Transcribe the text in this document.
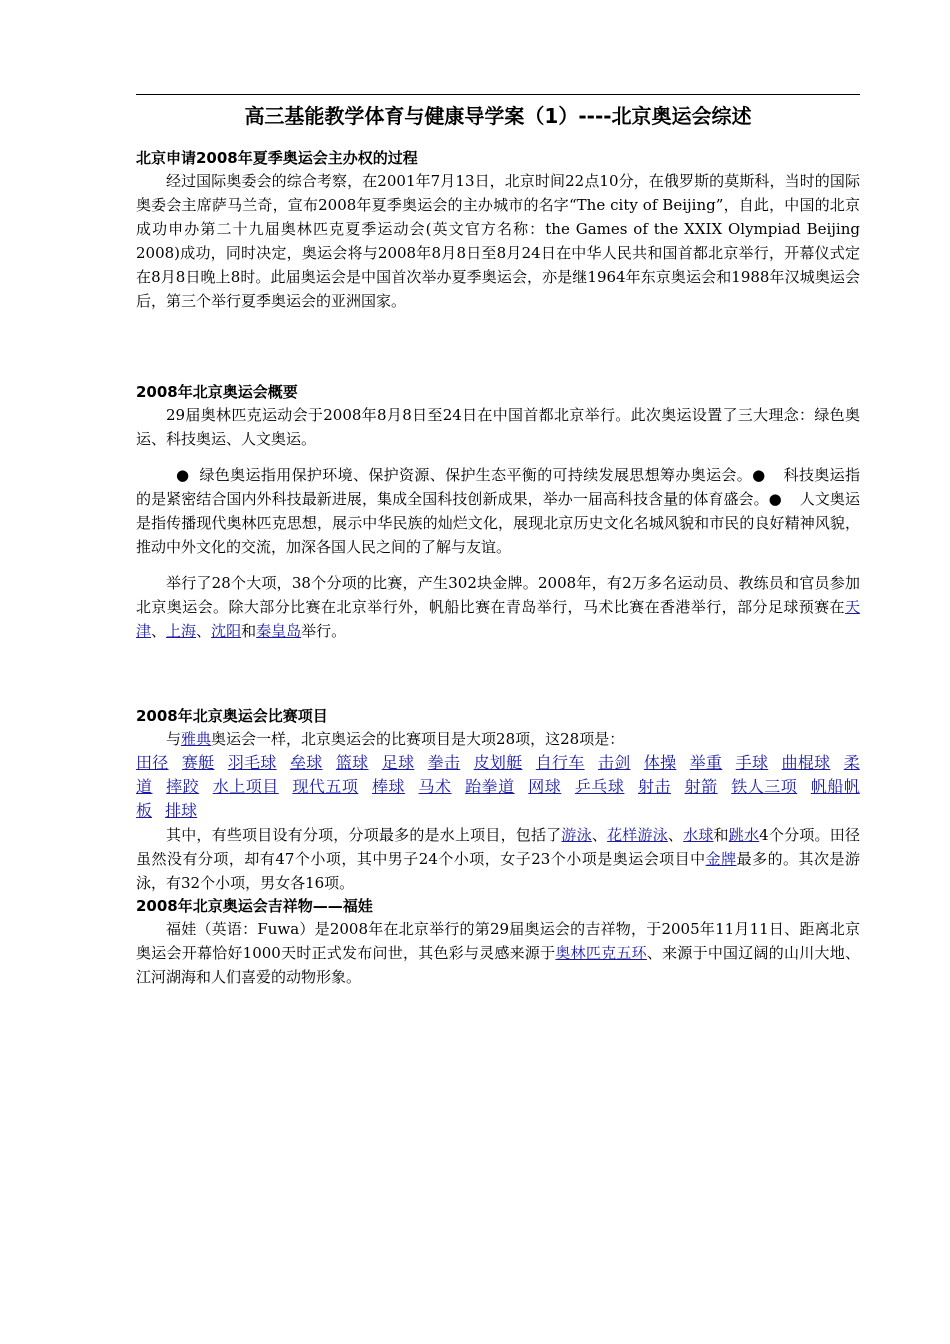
高三基能教学体育与健康导学案（1）----北京奥运会综述
北京申请2008年夏季奥运会主办权的过程

经过国际奥委会的综合考察，在2001年7月13日，北京时间22点10分，在俄罗斯的莫斯科，当时的国际奥委会主席萨马兰奇，宣布2008年夏季奥运会的主办城市的名字“The city of Beijing”，自此，中国的北京成功申办第二十九届奥林匹克夏季运动会(英文官方名称：the Games of the XXIX Olympiad Beijing 2008)成功，同时决定，奥运会将与2008年8月8日至8月24日在中华人民共和国首都北京举行，开幕仪式定在8月8日晚上8时。此届奥运会是中国首次举办夏季奥运会，亦是继1964年东京奥运会和1988年汉城奥运会后，第三个举行夏季奥运会的亚洲国家。

2008年北京奥运会概要

29届奥林匹克运动会于2008年8月8日至24日在中国首都北京举行。此次奥运设置了三大理念：绿色奥运、科技奥运、人文奥运。

● 绿色奥运指用保护环境、保护资源、保护生态平衡的可持续发展思想筹办奥运会。● 科技奥运指的是紧密结合国内外科技最新进展，集成全国科技创新成果，举办一届高科技含量的体育盛会。● 人文奥运是指传播现代奥林匹克思想，展示中华民族的灿烂文化，展现北京历史文化名城风貌和市民的良好精神风貌，推动中外文化的交流，加深各国人民之间的了解与友谊。

举行了28个大项，38个分项的比赛，产生302块金牌。2008年，有2万多名运动员、教练员和官员参加北京奥运会。除大部分比赛在北京举行外，帆船比赛在青岛举行，马术比赛在香港举行，部分足球预赛在天津、上海、沈阳和秦皇岛举行。

2008年北京奥运会比赛项目

与雅典奥运会一样，北京奥运会的比赛项目是大项28项，这28项是：

田径 赛艇 羽毛球 垒球 篮球 足球 拳击 皮划艇 自行车 击剑 体操 举重 手球 曲棍球 柔道 摔跤 水上项目 现代五项 棒球 马术 跆拳道 网球 乒乓球 射击 射箭 铁人三项 帆船帆板 排球

其中，有些项目设有分项，分项最多的是水上项目，包括了游泳、花样游泳、水球和跳水4个分项。田径虽然没有分项，却有47个小项，其中男子24个小项，女子23个小项是奥运会项目中金牌最多的。其次是游泳，有32个小项，男女各16项。

2008年北京奥运会吉祥物——福娃

福娃（英语：Fuwa）是2008年在北京举行的第29届奥运会的吉祥物，于2005年11月11日、距离北京奥运会开幕恰好1000天时正式发布问世，其色彩与灵感来源于奥林匹克五环、来源于中国辽阔的山川大地、 江河湖海和人们喜爱的动物形象。
